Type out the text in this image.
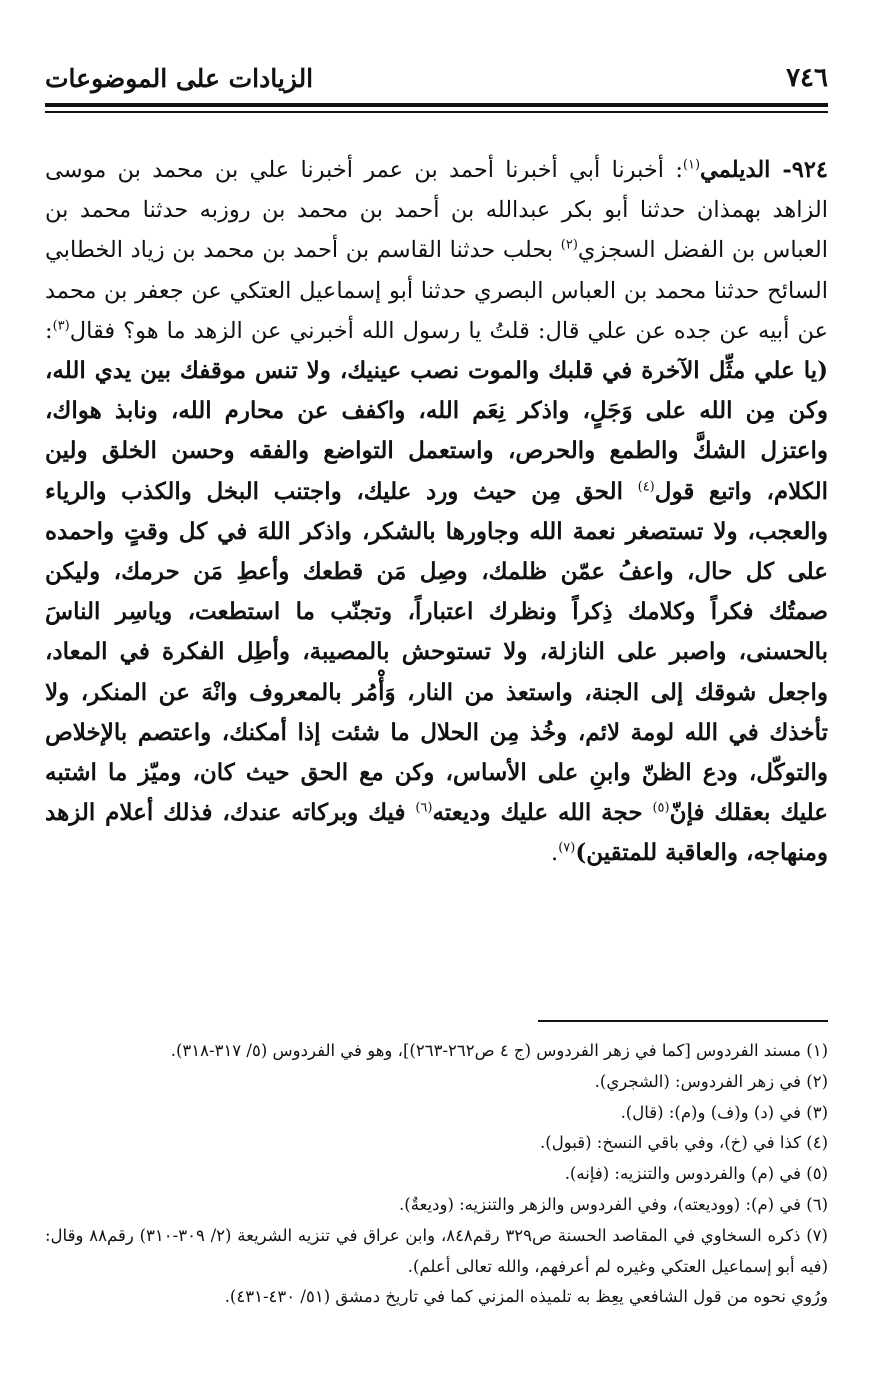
٧٤٦
الزيادات على الموضوعات

٩٢٤- الديلمي$^{(١)}$: أخبرنا أبي أخبرنا أحمد بن عمر أخبرنا علي بن محمد بن موسى الزاهد بهمذان حدثنا أبو بكر عبدالله بن أحمد بن محمد بن روزبه حدثنا محمد بن العباس بن الفضل السجزي$^{(٢)}$ بحلب حدثنا القاسم بن أحمد بن محمد بن زياد الخطابي السائح حدثنا محمد بن العباس البصري حدثنا أبو إسماعيل العتكي عن جعفر بن محمد عن أبيه عن جده عن علي قال: قلتُ يا رسول الله أخبرني عن الزهد ما هو؟ فقال$^{(٣)}$: (يا علي مثِّل الآخرة في قلبك والموت نصب عينيك، ولا تنس موقفك بين يدي الله، وكن مِن الله على وَجَلٍ، واذكر نِعَم الله، واكفف عن محارم الله، ونابذ هواك، واعتزل الشكَّ والطمع والحرص، واستعمل التواضع والفقه وحسن الخلق ولين الكلام، واتبع قول$^{(٤)}$ الحق مِن حيث ورد عليك، واجتنب البخل والكذب والرياء والعجب، ولا تستصغر نعمة الله وجاورها بالشكر، واذكر اللهَ في كل وقتٍ واحمده على كل حال، واعفُ عمّن ظلمك، وصِل مَن قطعك وأعطِ مَن حرمك، وليكن صمتُك فكراً وكلامك ذِكراً ونظرك اعتباراً، وتجنّب ما استطعت، وياسِر الناسَ بالحسنى، واصبر على النازلة، ولا تستوحش بالمصيبة، وأطِل الفكرة في المعاد، واجعل شوقك إلى الجنة، واستعذ من النار، وَأْمُر بالمعروف وانْهَ عن المنكر، ولا تأخذك في الله لومة لائم، وخُذ مِن الحلال ما شئت إذا أمكنك، واعتصم بالإخلاص والتوكّل، ودع الظنّ وابنِ على الأساس، وكن مع الحق حيث كان، وميّز ما اشتبه عليك بعقلك فإنّ$^{(٥)}$ حجة الله عليك وديعته$^{(٦)}$ فيك وبركاته عندك، فذلك أعلام الزهد ومنهاجه، والعاقبة للمتقين)$^{(٧)}$.

(١) مسند الفردوس [كما في زهر الفردوس (ج ٤ ص٢٦٢-٢٦٣)]، وهو في الفردوس (٥/ ٣١٧-٣١٨).

(٢) في زهر الفردوس: (الشجري).

(٣) في (د) و(ف) و(م): (قال).

(٤) كذا في (خ)، وفي باقي النسخ: (قبول).

(٥) في (م) والفردوس والتنزيه: (فإنه).

(٦) في (م): (ووديعته)، وفي الفردوس والزهر والتنزيه: (وديعةٌ).

(٧) ذكره السخاوي في المقاصد الحسنة ص٣٢٩ رقم٨٤٨، وابن عراق في تنزيه الشريعة (٢/ ٣٠٩-٣١٠) رقم٨٨ وقال: (فيه أبو إسماعيل العتكي وغيره لم أعرفهم، والله تعالى أعلم).

ورُوي نحوه من قول الشافعي يعِظ به تلميذه المزني كما في تاريخ دمشق (٥١/ ٤٣٠-٤٣١).
